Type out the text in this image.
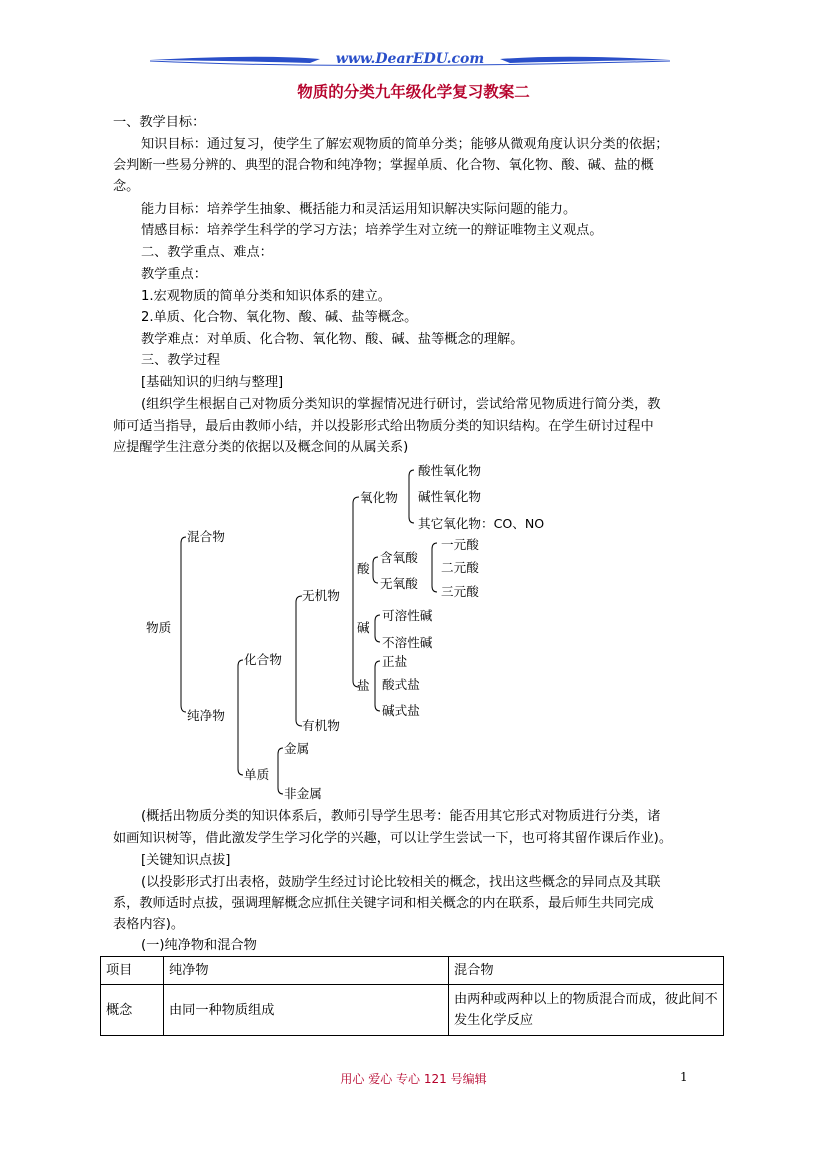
www.DearEDU.com
物质的分类九年级化学复习教案二
一、教学目标：
知识目标：通过复习，使学生了解宏观物质的简单分类；能够从微观角度认识分类的依据；
会判断一些易分辨的、典型的混合物和纯净物；掌握单质、化合物、氧化物、酸、碱、盐的概
念。
能力目标：培养学生抽象、概括能力和灵活运用知识解决实际问题的能力。
情感目标：培养学生科学的学习方法；培养学生对立统一的辩证唯物主义观点。
二、教学重点、难点：
教学重点：
1.宏观物质的简单分类和知识体系的建立。
2.单质、化合物、氧化物、酸、碱、盐等概念。
教学难点：对单质、化合物、氧化物、酸、碱、盐等概念的理解。
三、教学过程
[基础知识的归纳与整理]
(组织学生根据自己对物质分类知识的掌握情况进行研讨，尝试给常见物质进行简分类，教
师可适当指导，最后由教师小结，并以投影形式给出物质分类的知识结构。在学生研讨过程中
应提醒学生注意分类的依据以及概念间的从属关系)
物质
混合物
纯净物
化合物
单质
无机物
有机物
金属
非金属
氧化物
酸
碱
盐
酸性氧化物
碱性氧化物
其它氧化物：CO、NO
含氧酸
无氧酸
一元酸
二元酸
三元酸
可溶性碱
不溶性碱
正盐
酸式盐
碱式盐
(概括出物质分类的知识体系后，教师引导学生思考：能否用其它形式对物质进行分类，诸
如画知识树等，借此激发学生学习化学的兴趣，可以让学生尝试一下，也可将其留作课后作业)。
[关键知识点拔]
(以投影形式打出表格，鼓励学生经过讨论比较相关的概念，找出这些概念的异同点及其联
系，教师适时点拔，强调理解概念应抓住关键字词和相关概念的内在联系，最后师生共同完成
表格内容)。
(一)纯净物和混合物
项目	纯净物	混合物
概念	由同一种物质组成	由两种或两种以上的物质混合而成，彼此间不发生化学反应
用心 爱心 专心 121 号编辑	1
